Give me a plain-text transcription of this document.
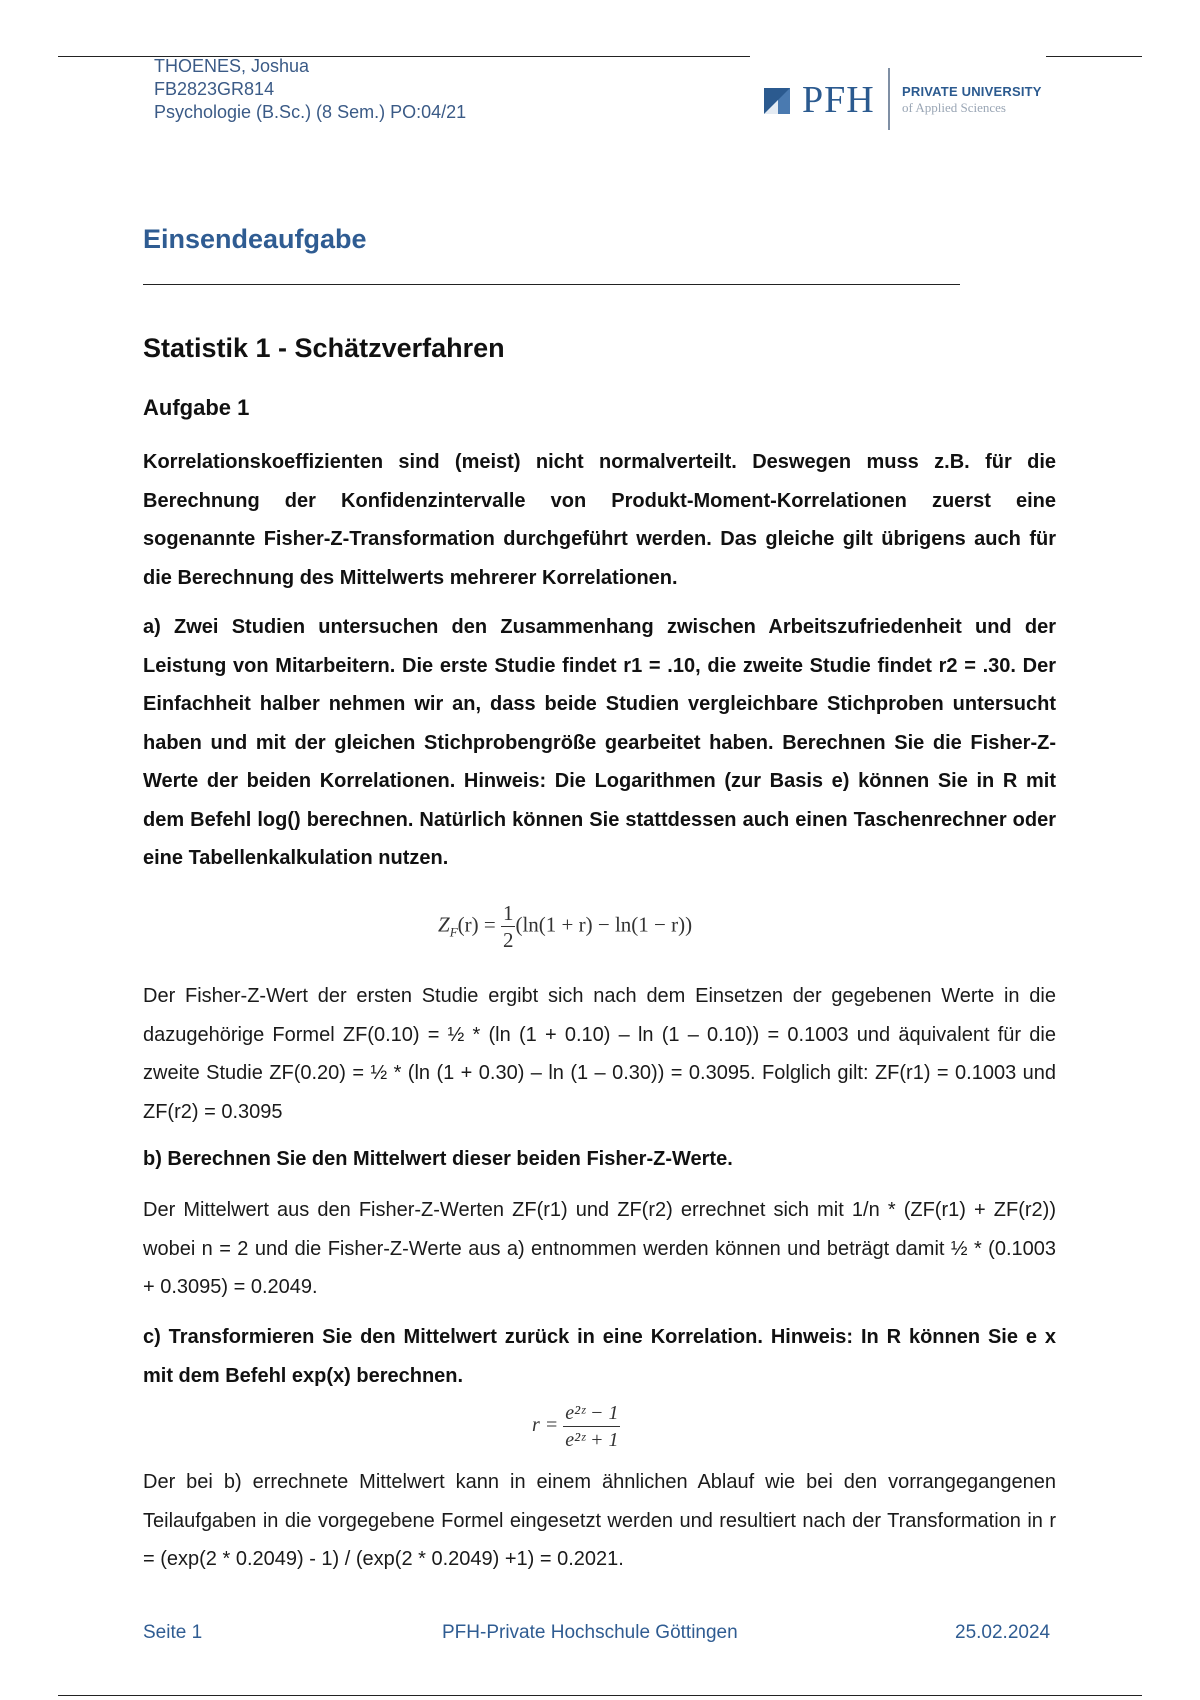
THOENES, Joshua
FB2823GR814
Psychologie (B.Sc.) (8 Sem.) PO:04/21	PFH PRIVATE UNIVERSITY
of Applied Sciences
Einsendeaufgabe
Statistik 1 - Schätzverfahren
Aufgabe 1
Korrelationskoeffizienten sind (meist) nicht normalverteilt. Deswegen muss z.B. für die Berechnung der Konfidenzintervalle von Produkt-Moment-Korrelationen zuerst eine sogenannte Fisher-Z-Transformation durchgeführt werden. Das gleiche gilt übrigens auch für die Berechnung des Mittelwerts mehrerer Korrelationen.
a) Zwei Studien untersuchen den Zusammenhang zwischen Arbeitszufriedenheit und der Leistung von Mitarbeitern. Die erste Studie findet r1 = .10, die zweite Studie findet r2 = .30. Der Einfachheit halber nehmen wir an, dass beide Studien vergleichbare Stichproben untersucht haben und mit der gleichen Stichprobengröße gearbeitet haben. Berechnen Sie die Fisher-Z-Werte der beiden Korrelationen. Hinweis: Die Logarithmen (zur Basis e) können Sie in R mit dem Befehl log() berechnen. Natürlich können Sie stattdessen auch einen Taschenrechner oder eine Tabellenkalkulation nutzen.
$Z_F(r) = \frac{1}{2} (\ln(1 + r) - \ln(1 - r))$
Der Fisher-Z-Wert der ersten Studie ergibt sich nach dem Einsetzen der gegebenen Werte in die dazugehörige Formel ZF(0.10) = ½ * (ln (1 + 0.10) – ln (1 – 0.10)) = 0.1003 und äquivalent für die zweite Studie ZF(0.20) = ½ * (ln (1 + 0.30) – ln (1 – 0.30)) = 0.3095. Folglich gilt: ZF(r1) = 0.1003 und ZF(r2) = 0.3095
b) Berechnen Sie den Mittelwert dieser beiden Fisher-Z-Werte.
Der Mittelwert aus den Fisher-Z-Werten ZF(r1) und ZF(r2) errechnet sich mit 1/n * (ZF(r1) + ZF(r2)) wobei n = 2 und die Fisher-Z-Werte aus a) entnommen werden können und beträgt damit ½ * (0.1003 + 0.3095) = 0.2049.
c) Transformieren Sie den Mittelwert zurück in eine Korrelation. Hinweis: In R können Sie e x mit dem Befehl exp(x) berechnen.
$r = \frac{\text{e²ᶻ − 1}}{\text{e²ᶻ + 1}}$
Der bei b) errechnete Mittelwert kann in einem ähnlichen Ablauf wie bei den vorrangegangenen Teilaufgaben in die vorgegebene Formel eingesetzt werden und resultiert nach der Transformation in r = (exp(2 * 0.2049) - 1) / (exp(2 * 0.2049) +1) = 0.2021.
Seite 1	PFH-Private Hochschule Göttingen	25.02.2024
